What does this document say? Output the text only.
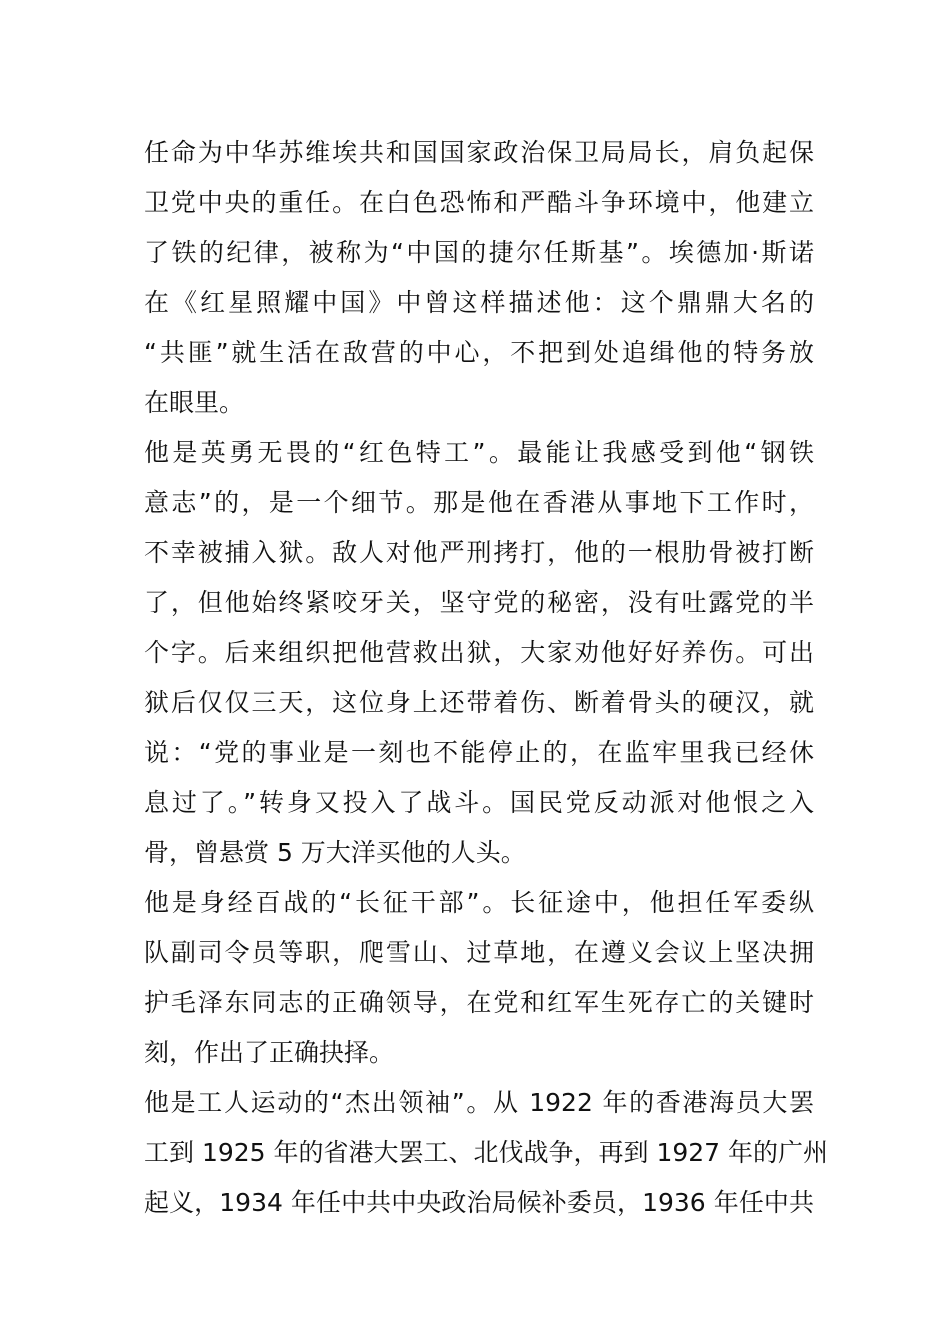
任命为中华苏维埃共和国国家政治保卫局局长，肩负起保
卫党中央的重任。在白色恐怖和严酷斗争环境中，他建立
了铁的纪律，被称为“中国的捷尔任斯基”。埃德加·斯诺
在《红星照耀中国》中曾这样描述他：这个鼎鼎大名的
“共匪”就生活在敌营的中心，不把到处追缉他的特务放
在眼里。
他是英勇无畏的“红色特工”。最能让我感受到他“钢铁
意志”的，是一个细节。那是他在香港从事地下工作时，
不幸被捕入狱。敌人对他严刑拷打，他的一根肋骨被打断
了，但他始终紧咬牙关，坚守党的秘密，没有吐露党的半
个字。后来组织把他营救出狱，大家劝他好好养伤。可出
狱后仅仅三天，这位身上还带着伤、断着骨头的硬汉，就
说：“党的事业是一刻也不能停止的，在监牢里我已经休
息过了。”转身又投入了战斗。国民党反动派对他恨之入
骨，曾悬赏 5 万大洋买他的人头。
他是身经百战的“长征干部”。长征途中，他担任军委纵
队副司令员等职，爬雪山、过草地，在遵义会议上坚决拥
护毛泽东同志的正确领导，在党和红军生死存亡的关键时
刻，作出了正确抉择。
他是工人运动的“杰出领袖”。从 1922 年的香港海员大罢
工到 1925 年的省港大罢工、北伐战争，再到 1927 年的广州
起义，1934 年任中共中央政治局候补委员，1936 年任中共
